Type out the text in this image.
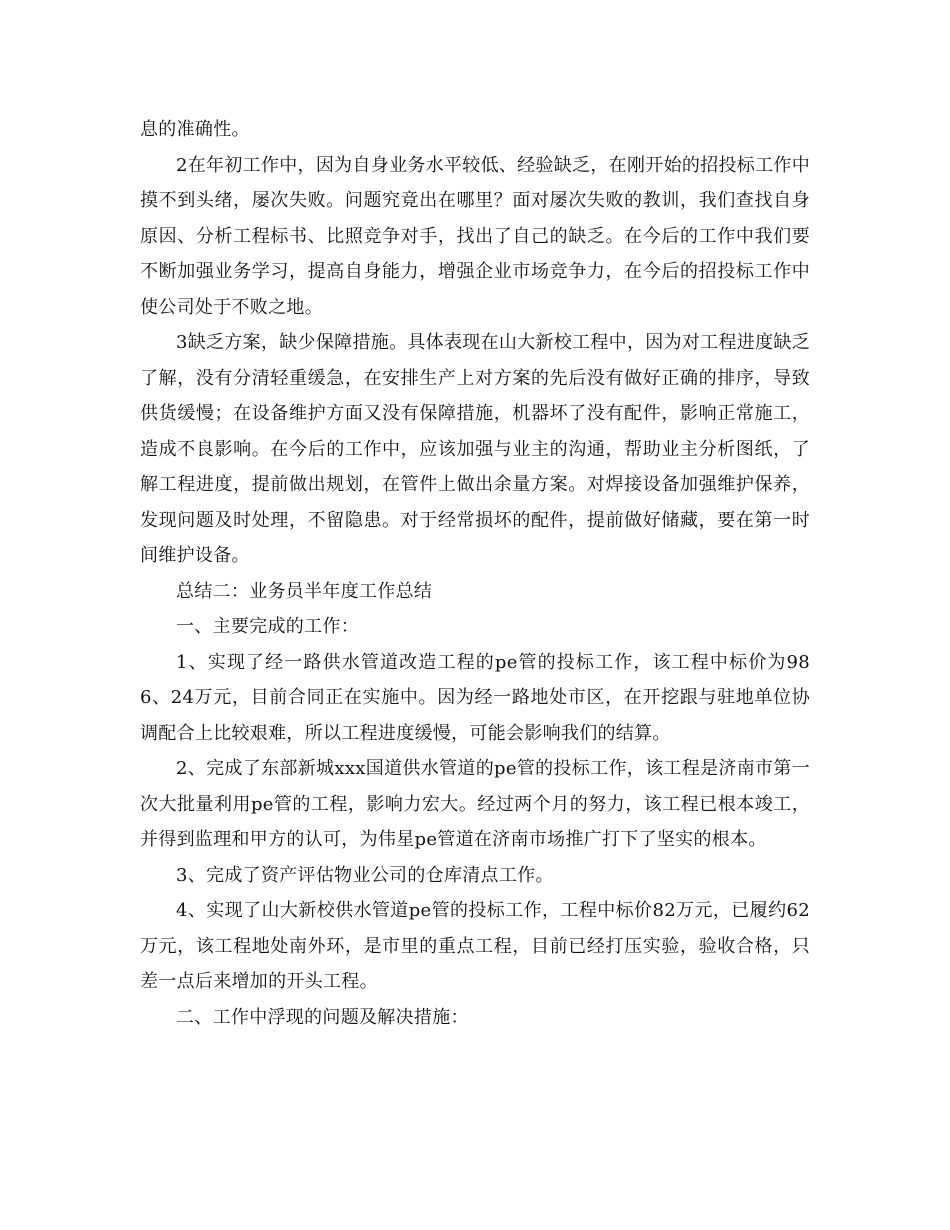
息的准确性。

2在年初工作中，因为自身业务水平较低、经验缺乏，在刚开始的招投标工作中摸不到头绪，屡次失败。问题究竟出在哪里？面对屡次失败的教训，我们查找自身原因、分析工程标书、比照竞争对手，找出了自己的缺乏。在今后的工作中我们要不断加强业务学习，提高自身能力，增强企业市场竞争力，在今后的招投标工作中使公司处于不败之地。

3缺乏方案，缺少保障措施。具体表现在山大新校工程中，因为对工程进度缺乏了解，没有分清轻重缓急，在安排生产上对方案的先后没有做好正确的排序，导致供货缓慢；在设备维护方面又没有保障措施，机器坏了没有配件，影响正常施工，造成不良影响。在今后的工作中，应该加强与业主的沟通，帮助业主分析图纸，了解工程进度，提前做出规划，在管件上做出余量方案。对焊接设备加强维护保养，发现问题及时处理，不留隐患。对于经常损坏的配件，提前做好储藏，要在第一时间维护设备。

总结二：业务员半年度工作总结

一、主要完成的工作：

1、实现了经一路供水管道改造工程的pe管的投标工作，该工程中标价为986、24万元，目前合同正在实施中。因为经一路地处市区，在开挖跟与驻地单位协调配合上比较艰难，所以工程进度缓慢，可能会影响我们的结算。

2、完成了东部新城xxx国道供水管道的pe管的投标工作，该工程是济南市第一次大批量利用pe管的工程，影响力宏大。经过两个月的努力，该工程已根本竣工，并得到监理和甲方的认可，为伟星pe管道在济南市场推广打下了坚实的根本。

3、完成了资产评估物业公司的仓库清点工作。

4、实现了山大新校供水管道pe管的投标工作，工程中标价82万元，已履约62万元，该工程地处南外环，是市里的重点工程，目前已经打压实验，验收合格，只差一点后来增加的开头工程。

二、工作中浮现的问题及解决措施：
